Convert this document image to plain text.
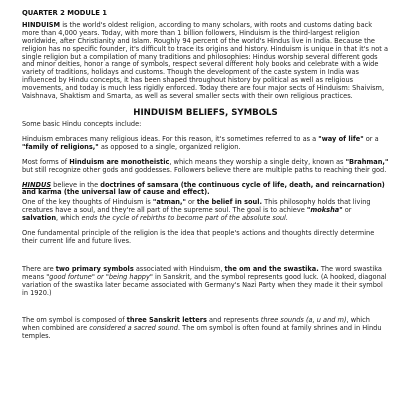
QUARTER 2 MODULE 1

HINDUISM is the world's oldest religion, according to many scholars, with roots and customs dating back more than 4,000 years. Today, with more than 1 billion followers, Hinduism is the third-largest religion worldwide, after Christianity and Islam. Roughly 94 percent of the world's Hindus live in India. Because the religion has no specific founder, it's difficult to trace its origins and history. Hinduism is unique in that it's not a single religion but a compilation of many traditions and philosophies: Hindus worship several different gods and minor deities, honor a range of symbols, respect several different holy books and celebrate with a wide variety of traditions, holidays and customs. Though the development of the caste system in India was influenced by Hindu concepts, it has been shaped throughout history by political as well as religious movements, and today is much less rigidly enforced. Today there are four major sects of Hinduism: Shaivism, Vaishnava, Shaktism and Smarta, as well as several smaller sects with their own religious practices.

HINDUISM BELIEFS, SYMBOLS

Some basic Hindu concepts include:

Hinduism embraces many religious ideas. For this reason, it's sometimes referred to as a "way of life" or a "family of religions," as opposed to a single, organized religion.

Most forms of Hinduism are monotheistic, which means they worship a single deity, known as "Brahman," but still recognize other gods and goddesses. Followers believe there are multiple paths to reaching their god.

HINDUS believe in the doctrines of samsara (the continuous cycle of life, death, and reincarnation) and karma (the universal law of cause and effect).

One of the key thoughts of Hinduism is "atman," or the belief in soul. This philosophy holds that living creatures have a soul, and they're all part of the supreme soul. The goal is to achieve "moksha" or salvation, which ends the cycle of rebirths to become part of the absolute soul.

One fundamental principle of the religion is the idea that people's actions and thoughts directly determine their current life and future lives.

There are two primary symbols associated with Hinduism, the om and the swastika. The word swastika means "good fortune" or "being happy" in Sanskrit, and the symbol represents good luck. (A hooked, diagonal variation of the swastika later became associated with Germany's Nazi Party when they made it their symbol in 1920.)

The om symbol is composed of three Sanskrit letters and represents three sounds (a, u and m), which when combined are considered a sacred sound. The om symbol is often found at family shrines and in Hindu temples.
